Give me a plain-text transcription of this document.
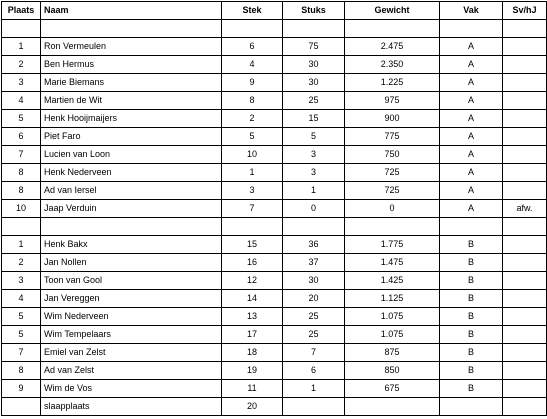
Plaats	Naam	Stek	Stuks	Gewicht	Vak	Sv/hJ

1	Ron Vermeulen	6	75	2.475	A	
2	Ben Hermus	4	30	2.350	A	
3	Marie Biemans	9	30	1.225	A	
4	Martien de Wit	8	25	975	A	
5	Henk Hooijmaijers	2	15	900	A	
6	Piet Faro	5	5	775	A	
7	Lucien van Loon	10	3	750	A	
8	Henk Nederveen	1	3	725	A	
8	Ad van Iersel	3	1	725	A	
10	Jaap Verduin	7	0	0	A	afw.

1	Henk Bakx	15	36	1.775	B	
2	Jan Nollen	16	37	1.475	B	
3	Toon van Gool	12	30	1.425	B	
4	Jan Vereggen	14	20	1.125	B	
5	Wim Nederveen	13	25	1.075	B	
5	Wim Tempelaars	17	25	1.075	B	
7	Emiel van Zelst	18	7	875	B	
8	Ad van Zelst	19	6	850	B	
9	Wim de Vos	11	1	675	B	
	slaapplaats	20				
